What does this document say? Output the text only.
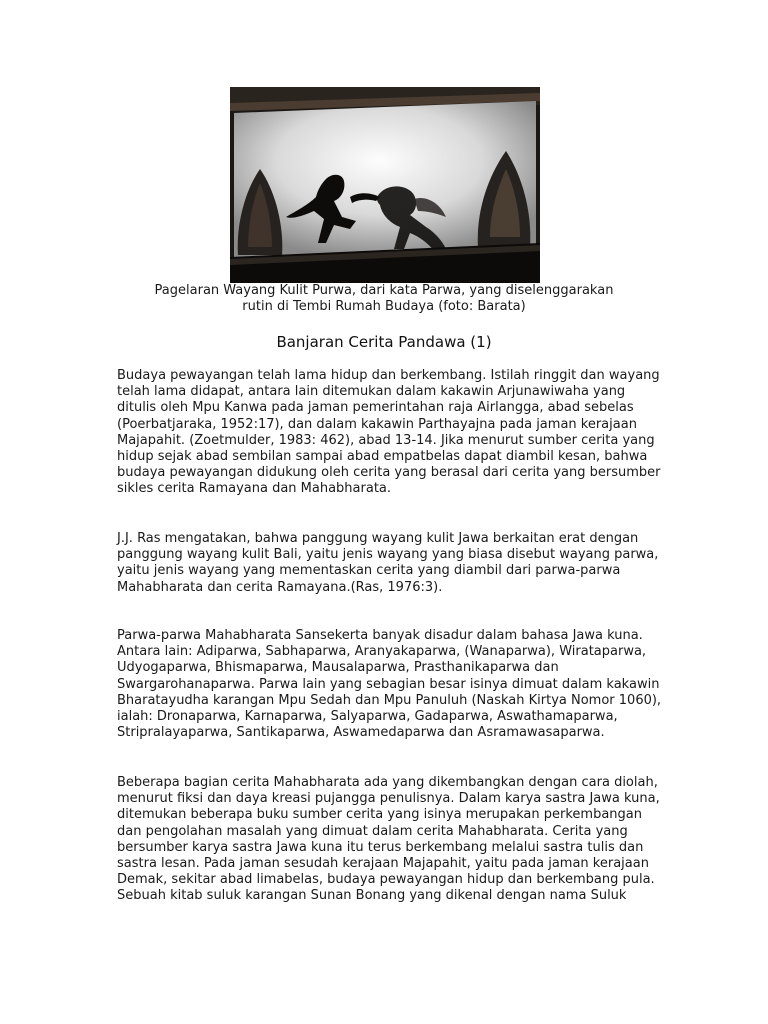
Pagelaran Wayang Kulit Purwa, dari kata Parwa, yang diselenggarakan
rutin di Tembi Rumah Budaya (foto: Barata)
Banjaran Cerita Pandawa (1)

Budaya pewayangan telah lama hidup dan berkembang. Istilah ringgit dan wayang telah lama didapat, antara lain ditemukan dalam kakawin Arjunawiwaha yang ditulis oleh Mpu Kanwa pada jaman pemerintahan raja Airlangga, abad sebelas (Poerbatjaraka, 1952:17), dan dalam kakawin Parthayajna pada jaman kerajaan Majapahit. (Zoetmulder, 1983: 462), abad 13-14. Jika menurut sumber cerita yang hidup sejak abad sembilan sampai abad empatbelas dapat diambil kesan, bahwa budaya pewayangan didukung oleh cerita yang berasal dari cerita yang bersumber sikles cerita Ramayana dan Mahabharata.

J.J. Ras mengatakan, bahwa panggung wayang kulit Jawa berkaitan erat dengan panggung wayang kulit Bali, yaitu jenis wayang yang biasa disebut wayang parwa, yaitu jenis wayang yang mementaskan cerita yang diambil dari parwa-parwa Mahabharata dan cerita Ramayana.(Ras, 1976:3).

Parwa-parwa Mahabharata Sansekerta banyak disadur dalam bahasa Jawa kuna. Antara lain: Adiparwa, Sabhaparwa, Aranyakaparwa, (Wanaparwa), Wirataparwa, Udyogaparwa, Bhismaparwa, Mausalaparwa, Prasthanikaparwa dan Swargarohanaparwa. Parwa lain yang sebagian besar isinya dimuat dalam kakawin Bharatayudha karangan Mpu Sedah dan Mpu Panuluh (Naskah Kirtya Nomor 1060), ialah: Dronaparwa, Karnaparwa, Salyaparwa, Gadaparwa, Aswathamaparwa, Stripralayaparwa, Santikaparwa, Aswamedaparwa dan Asramawasaparwa.

Beberapa bagian cerita Mahabharata ada yang dikembangkan dengan cara diolah, menurut fiksi dan daya kreasi pujangga penulisnya. Dalam karya sastra Jawa kuna, ditemukan beberapa buku sumber cerita yang isinya merupakan perkembangan dan pengolahan masalah yang dimuat dalam cerita Mahabharata. Cerita yang bersumber karya sastra Jawa kuna itu terus berkembang melalui sastra tulis dan sastra lesan. Pada jaman sesudah kerajaan Majapahit, yaitu pada jaman kerajaan Demak, sekitar abad limabelas, budaya pewayangan hidup dan berkembang pula. Sebuah kitab suluk karangan Sunan Bonang yang dikenal dengan nama Suluk
